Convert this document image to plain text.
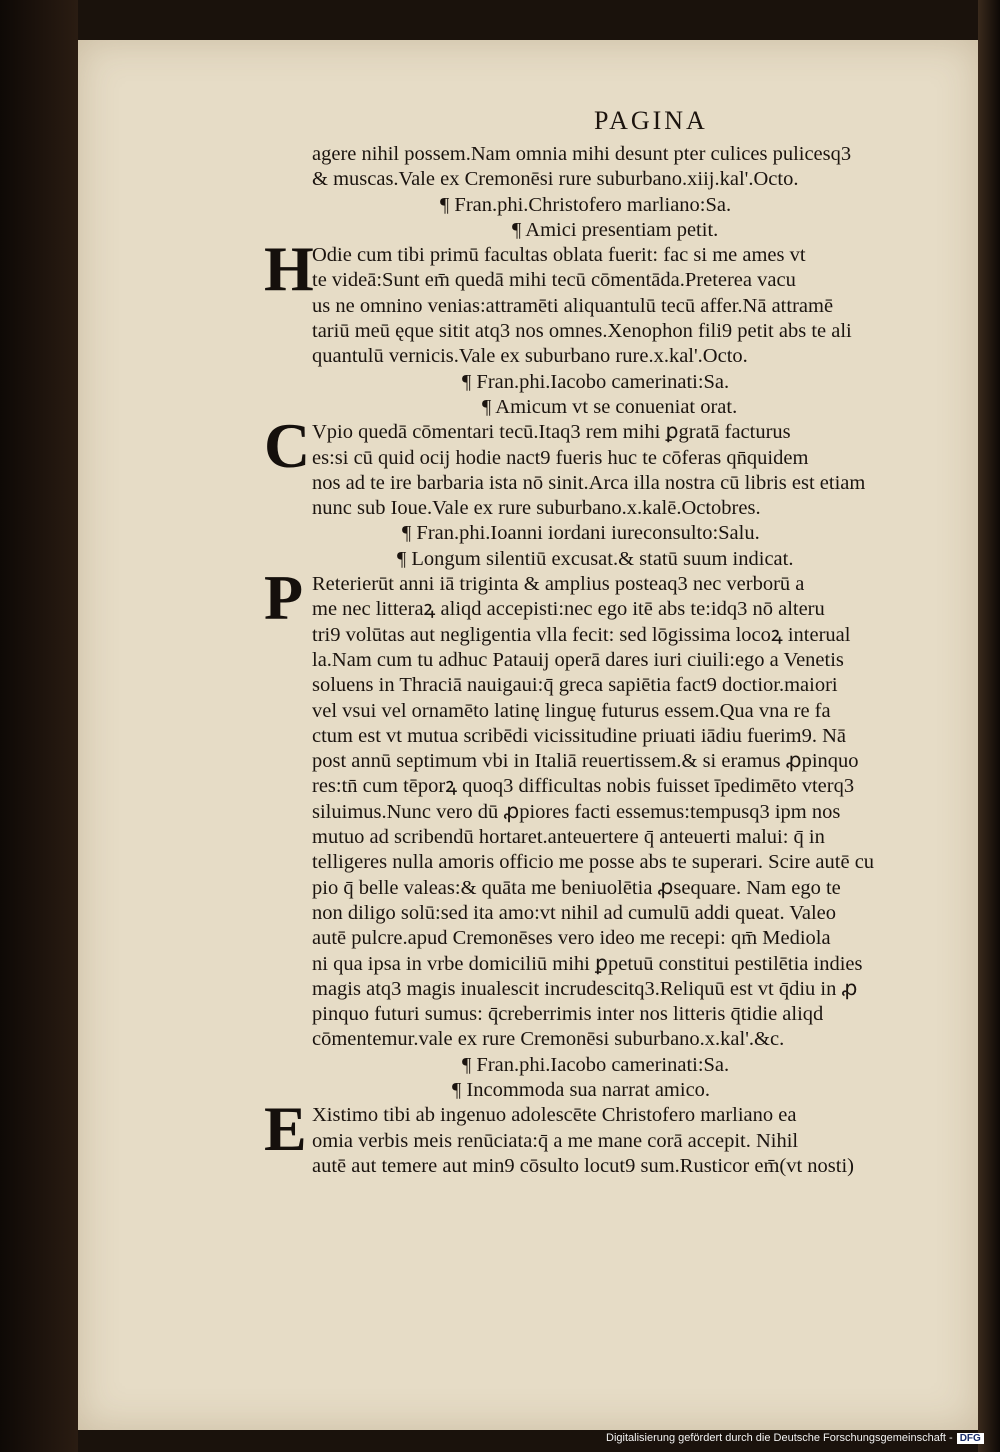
PAGINA
agere nihil possem.Nam omnia mihi desunt pter culices pulicesq3
& muscas.Vale ex Cremonēsi rure suburbano.xiij.kal'.Octo.
¶ Fran.phi.Christofero marliano:Sa.
¶ Amici presentiam petit.
Odie cum tibi primū facultas oblata fuerit: fac si me ames vt
te videā:Sunt em̄ quedā mihi tecū cōmentāda.Preterea vacu
us ne omnino venias:attramēti aliquantulū tecū affer.Nā attramē
tariū meū ęque sitit atq3 nos omnes.Xenophon fili9 petit abs te ali
quantulū vernicis.Vale ex suburbano rure.x.kal'.Octo.
¶ Fran.phi.Iacobo camerinati:Sa.
¶ Amicum vt se conueniat orat.
Vpio quedā cōmentari tecū.Itaq3 rem mihi ꝑgratā facturus
es:si cū quid ocij hodie nact9 fueris huc te cōferas qn̄quidem
nos ad te ire barbaria ista nō sinit.Arca illa nostra cū libris est etiam
nunc sub Ioue.Vale ex rure suburbano.x.kalē.Octobres.
¶ Fran.phi.Ioanni iordani iureconsulto:Salu.
¶ Longum silentiū excusat.& statū suum indicat.
Reterierūt anni iā triginta & amplius posteaq3 nec verborū a
me nec litteraꝝ aliqd accepisti:nec ego itē abs te:idq3 nō alteru
tri9 volūtas aut negligentia vlla fecit: sed lōgissima locoꝝ interual
la.Nam cum tu adhuc Patauij operā dares iuri ciuili:ego a Venetis
soluens in Thraciā nauigaui:q̄ greca sapiētia fact9 doctior.maiori
vel vsui vel ornamēto latinę linguę futurus essem.Qua vna re fa
ctum est vt mutua scribēdi vicissitudine priuati iādiu fuerim9. Nā
post annū septimum vbi in Italiā reuertissem.& si eramus ꝓpinquo
res:tn̄ cum tēporꝝ quoq3 difficultas nobis fuisset īpedimēto vterq3
siluimus.Nunc vero dū ꝓpiores facti essemus:tempusq3 ipm nos
mutuo ad scribendū hortaret.anteuertere q̄ anteuerti malui: q̄ in
telligeres nulla amoris officio me posse abs te superari. Scire autē cu
pio q̄ belle valeas:& quāta me beniuolētia ꝓsequare. Nam ego te
non diligo solū:sed ita amo:vt nihil ad cumulū addi queat. Valeo
autē pulcre.apud Cremonēses vero ideo me recepi: qm̄ Mediola
ni qua ipsa in vrbe domiciliū mihi ꝑpetuū constitui pestilētia indies
magis atq3 magis inualescit incrudescitq3.Reliquū est vt q̄diu in ꝓ
pinquo futuri sumus: q̄creberrimis inter nos litteris q̄tidie aliqd
cōmentemur.vale ex rure Cremonēsi suburbano.x.kal'.&c.
¶ Fran.phi.Iacobo camerinati:Sa.
¶ Incommoda sua narrat amico.
Xistimo tibi ab ingenuo adolescēte Christofero marliano ea
omia verbis meis renūciata:q̄ a me mane corā accepit. Nihil
autē aut temere aut min9 cōsulto locut9 sum.Rusticor em̄(vt nosti)
H
C
P
E
Digitalisierung gefördert durch die Deutsche Forschungsgemeinschaft - DFG
